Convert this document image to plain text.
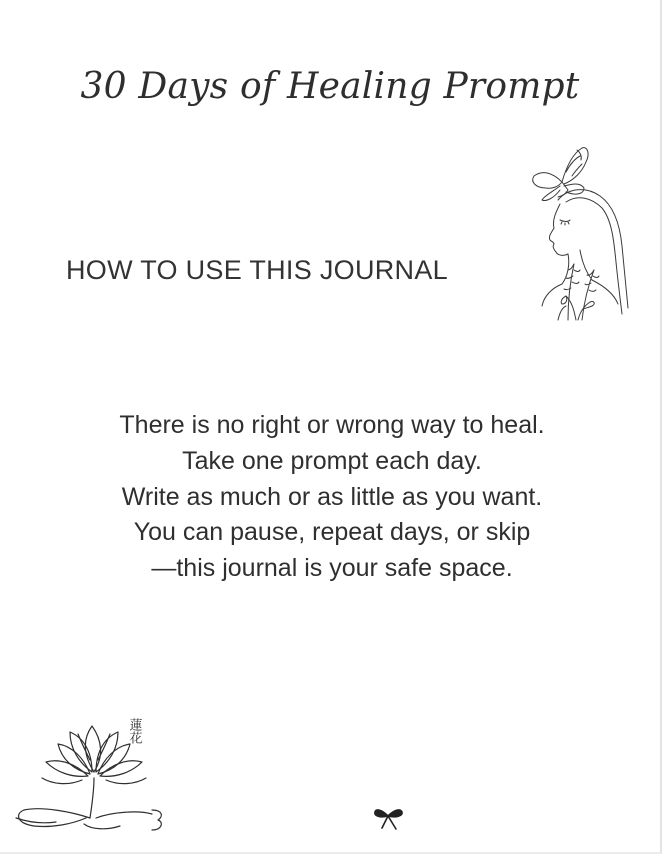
30 Days of Healing Prompt
HOW TO USE THIS JOURNAL
There is no right or wrong way to heal.
Take one prompt each day.
Write as much or as little as you want.
You can pause, repeat days, or skip
—this journal is your safe space.
蓮花
